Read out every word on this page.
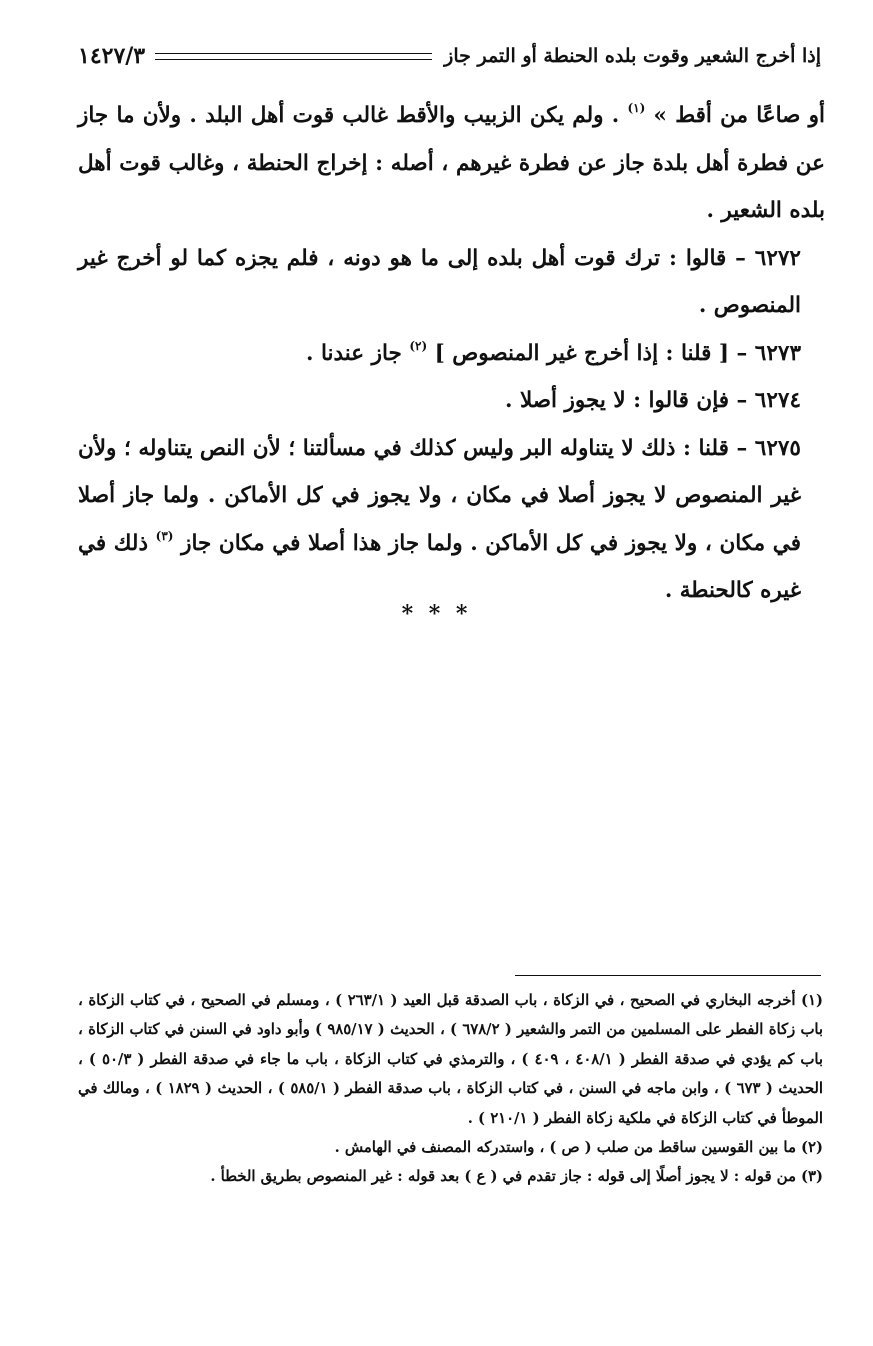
إذا أخرج الشعير وقوت بلده الحنطة أو التمر جاز
١٤٢٧/٣

أو صاعًا من أقط » $^{(١)}$ . ولم يكن الزبيب والأقط غالب قوت أهل البلد . ولأن ما جاز عن فطرة أهل بلدة جاز عن فطرة غيرهم ، أصله : إخراج الحنطة ، وغالب قوت أهل بلده الشعير .

٦٢٧٢ – قالوا : ترك قوت أهل بلده إلى ما هو دونه ، فلم يجزه كما لو أخرج غير المنصوص .

٦٢٧٣ – [ قلنا : إذا أخرج غير المنصوص ] $^{(٢)}$ جاز عندنا .

٦٢٧٤ – فإن قالوا : لا يجوز أصلا .

٦٢٧٥ – قلنا : ذلك لا يتناوله البر وليس كذلك في مسألتنا ؛ لأن النص يتناوله ؛ ولأن غير المنصوص لا يجوز أصلا في مكان ، ولا يجوز في كل الأماكن . ولما جاز أصلا في مكان ، ولا يجوز في كل الأماكن . ولما جاز هذا أصلا في مكان جاز $^{(٣)}$ ذلك في غيره كالحنطة .

* * *

(١) أخرجه البخاري في الصحيح ، في الزكاة ، باب الصدقة قبل العيد ( ٢٦٣/١ ) ، ومسلم في الصحيح ، في كتاب الزكاة ، باب زكاة الفطر على المسلمين من التمر والشعير ( ٦٧٨/٢ ) ، الحديث ( ٩٨٥/١٧ ) وأبو داود في السنن في كتاب الزكاة ، باب كم يؤدي في صدقة الفطر ( ٤٠٨/١ ، ٤٠٩ ) ، والترمذي في كتاب الزكاة ، باب ما جاء في صدقة الفطر ( ٥٠/٣ ) ، الحديث ( ٦٧٣ ) ، وابن ماجه في السنن ، في كتاب الزكاة ، باب صدقة الفطر ( ٥٨٥/١ ) ، الحديث ( ١٨٢٩ ) ، ومالك في الموطأ في كتاب الزكاة في ملكية زكاة الفطر ( ٢١٠/١ ) .

(٢) ما بين القوسين ساقط من صلب ( ص ) ، واستدركه المصنف في الهامش .

(٣) من قوله : لا يجوز أصلًا إلى قوله : جاز تقدم في ( ع ) بعد قوله : غير المنصوص بطريق الخطأ .
